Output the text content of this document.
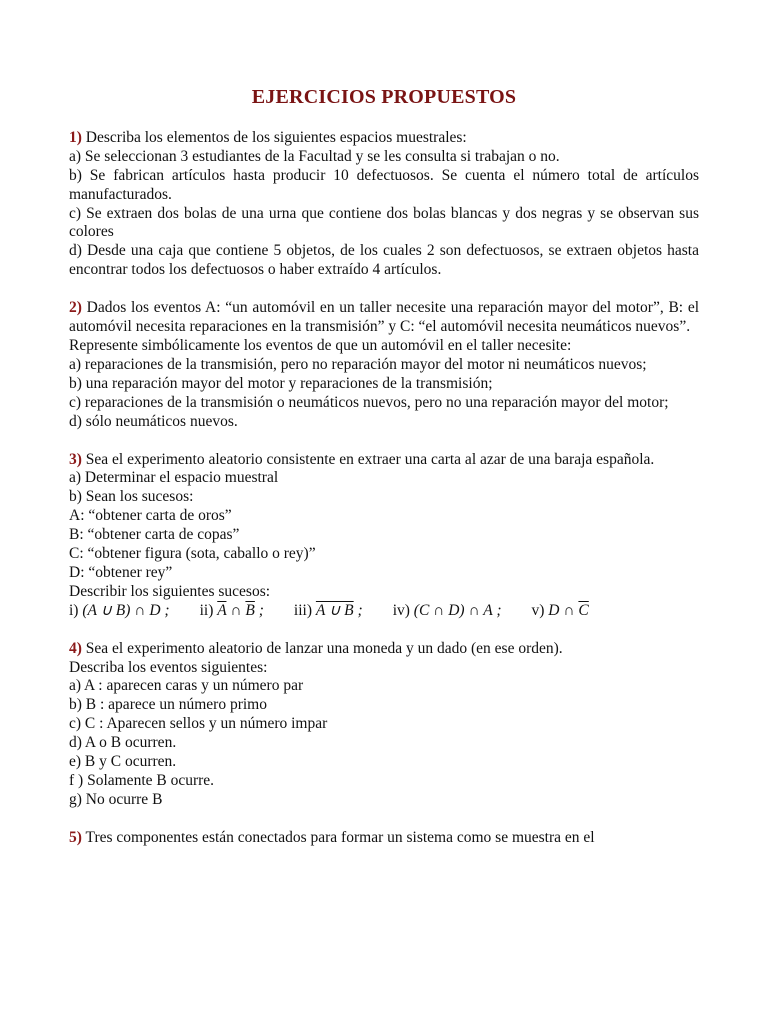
EJERCICIOS PROPUESTOS
1) Describa los elementos de los siguientes espacios muestrales:
a) Se seleccionan 3 estudiantes de la Facultad y se les consulta si trabajan o no.
b) Se fabrican artículos hasta producir 10 defectuosos. Se cuenta el número total de artículos manufacturados.
c) Se extraen dos bolas de una urna que contiene dos bolas blancas y dos negras y se observan sus colores
d) Desde una caja que contiene 5 objetos, de los cuales 2 son defectuosos, se extraen objetos hasta encontrar todos los defectuosos o haber extraído 4 artículos.
2) Dados los eventos A: “un automóvil en un taller necesite una reparación mayor del motor”, B: el automóvil necesita reparaciones en la transmisión” y C: “el automóvil necesita neumáticos nuevos”.
Represente simbólicamente los eventos de que un automóvil en el taller necesite:
a) reparaciones de la transmisión, pero no reparación mayor del motor ni neumáticos nuevos;
b) una reparación mayor del motor y reparaciones de la transmisión;
c) reparaciones de la transmisión o neumáticos nuevos, pero no una reparación mayor del motor;
d) sólo neumáticos nuevos.
3) Sea el experimento aleatorio consistente en extraer una carta al azar de una baraja española.
a) Determinar el espacio muestral
b) Sean los sucesos:
A: “obtener carta de oros”
B: “obtener carta de copas”
C: “obtener figura (sota, caballo o rey)”
D: “obtener rey”
Describir los siguientes sucesos:
i) (A ∪ B) ∩ D ; ii) $\overline{A}$ ∩ $\overline{B}$ ; iii) A ∪ B ; iv) (C ∩ D) ∩ A ; v) D ∩ $\overline{C}$
4) Sea el experimento aleatorio de lanzar una moneda y un dado (en ese orden).
Describa los eventos siguientes:
a) A : aparecen caras y un número par
b) B : aparece un número primo
c) C : Aparecen sellos y un número impar
d) A o B ocurren.
e) B y C ocurren.
f ) Solamente B ocurre.
g) No ocurre B
5) Tres componentes están conectados para formar un sistema como se muestra en el
